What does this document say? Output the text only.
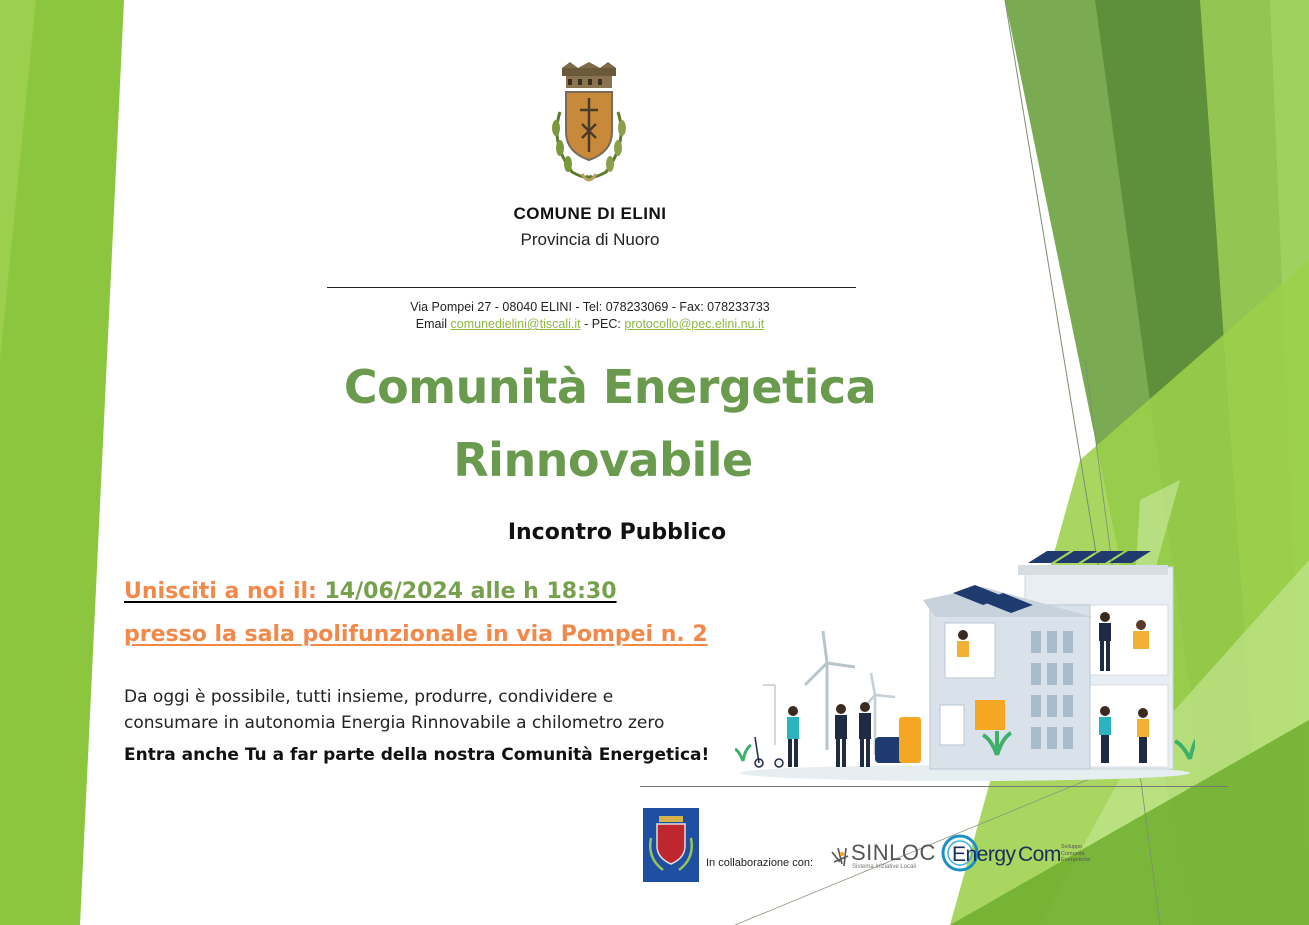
COMUNE DI ELINI
Provincia di Nuoro
Via Pompei 27 - 08040 ELINI - Tel: 078233069 - Fax: 078233733
Email comunedielini@tiscali.it - PEC: protocollo@pec.elini.nu.it
Comunità Energetica
Rinnovabile
Incontro Pubblico
Unisciti a noi il: 14/06/2024 alle h 18:30
presso la sala polifunzionale in via Pompei n. 2
Da oggi è possibile, tutti insieme, produrre, condividere e
consumare in autonomia Energia Rinnovabile a chilometro zero
Entra anche Tu a far parte della nostra Comunità Energetica!
In collaborazione con: SINLOC
Sistema Iniziative Locali
Energy Com Sviluppo Comunità Energetiche
